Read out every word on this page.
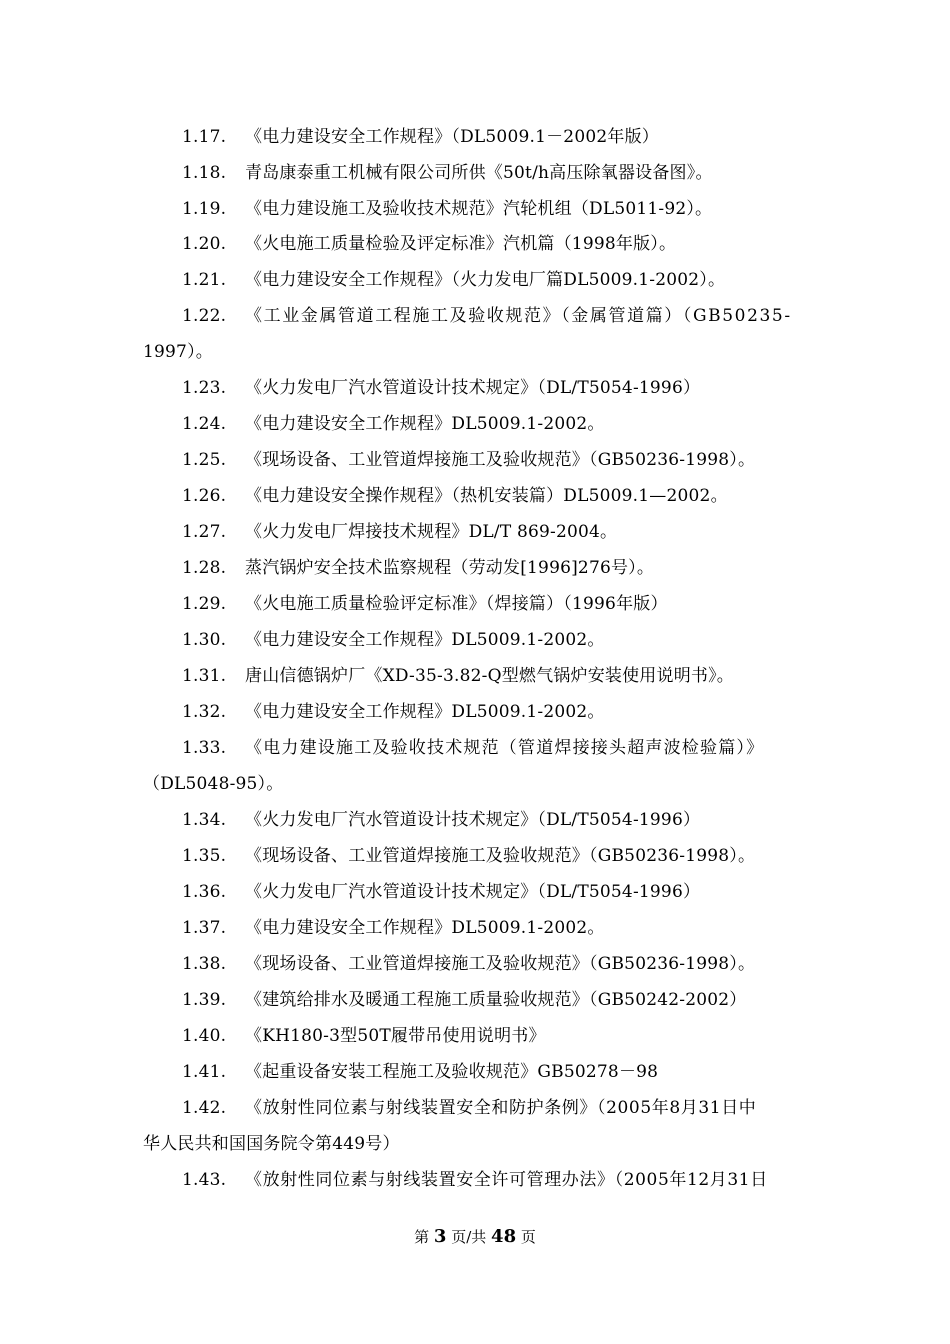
1.17. 《电力建设安全工作规程》（DL5009.1－2002年版）
1.18. 青岛康泰重工机械有限公司所供《50t/h高压除氧器设备图》。
1.19. 《电力建设施工及验收技术规范》汽轮机组（DL5011-92）。
1.20. 《火电施工质量检验及评定标准》汽机篇（1998年版）。
1.21. 《电力建设安全工作规程》（火力发电厂篇DL5009.1-2002）。
1.22. 《工业金属管道工程施工及验收规范》（金属管道篇）（GB50235-
1997）。
1.23. 《火力发电厂汽水管道设计技术规定》（DL/T5054-1996）
1.24. 《电力建设安全工作规程》DL5009.1-2002。
1.25. 《现场设备、工业管道焊接施工及验收规范》（GB50236-1998）。
1.26. 《电力建设安全操作规程》（热机安装篇）DL5009.1—2002。
1.27. 《火力发电厂焊接技术规程》DL/T 869-2004。
1.28. 蒸汽锅炉安全技术监察规程（劳动发[1996]276号）。
1.29. 《火电施工质量检验评定标准》（焊接篇）（1996年版）
1.30. 《电力建设安全工作规程》DL5009.1-2002。
1.31. 唐山信德锅炉厂《XD-35-3.82-Q型燃气锅炉安装使用说明书》。
1.32. 《电力建设安全工作规程》DL5009.1-2002。
1.33. 《电力建设施工及验收技术规范（管道焊接接头超声波检验篇）》
（DL5048-95）。
1.34. 《火力发电厂汽水管道设计技术规定》（DL/T5054-1996）
1.35. 《现场设备、工业管道焊接施工及验收规范》（GB50236-1998）。
1.36. 《火力发电厂汽水管道设计技术规定》（DL/T5054-1996）
1.37. 《电力建设安全工作规程》DL5009.1-2002。
1.38. 《现场设备、工业管道焊接施工及验收规范》（GB50236-1998）。
1.39. 《建筑给排水及暖通工程施工质量验收规范》（GB50242-2002）
1.40. 《KH180-3型50T履带吊使用说明书》
1.41. 《起重设备安装工程施工及验收规范》GB50278－98
1.42. 《放射性同位素与射线装置安全和防护条例》（2005年8月31日中
华人民共和国国务院令第449号）
1.43. 《放射性同位素与射线装置安全许可管理办法》（2005年12月31日
第 3 页/共 48 页
